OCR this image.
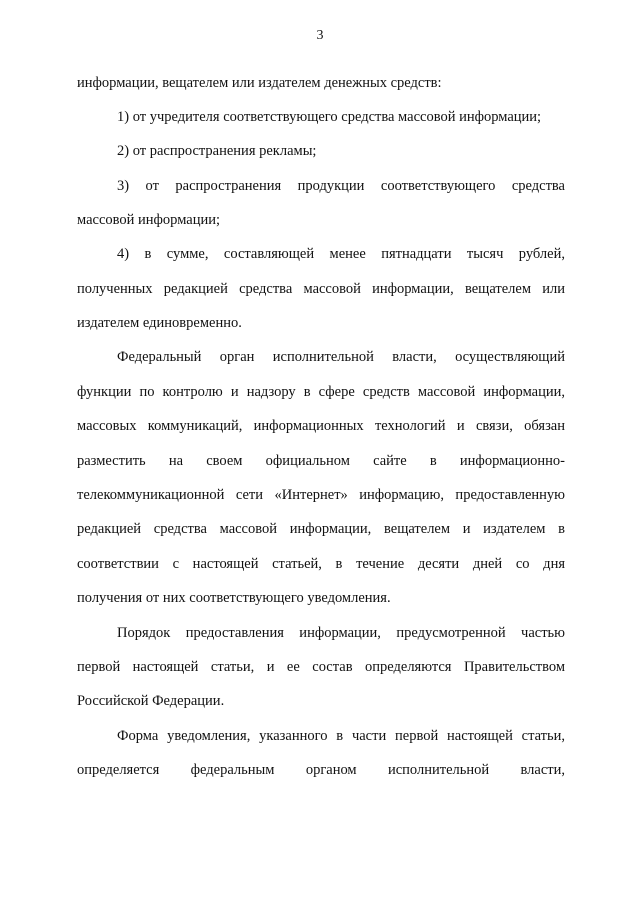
3
информации, вещателем или издателем денежных средств:
1) от учредителя соответствующего средства массовой информации;
2) от распространения рекламы;
3) от распространения продукции соответствующего средства
массовой информации;
4) в сумме, составляющей менее пятнадцати тысяч рублей,
полученных редакцией средства массовой информации, вещателем или
издателем единовременно.
Федеральный орган исполнительной власти, осуществляющий
функции по контролю и надзору в сфере средств массовой информации,
массовых коммуникаций, информационных технологий и связи, обязан
разместить на своем официальном сайте в информационно-
телекоммуникационной сети «Интернет» информацию, предоставленную
редакцией средства массовой информации, вещателем и издателем в
соответствии с настоящей статьей, в течение десяти дней со дня
получения от них соответствующего уведомления.
Порядок предоставления информации, предусмотренной частью
первой настоящей статьи, и ее состав определяются Правительством
Российской Федерации.
Форма уведомления, указанного в части первой настоящей статьи,
определяется федеральным органом исполнительной власти,
